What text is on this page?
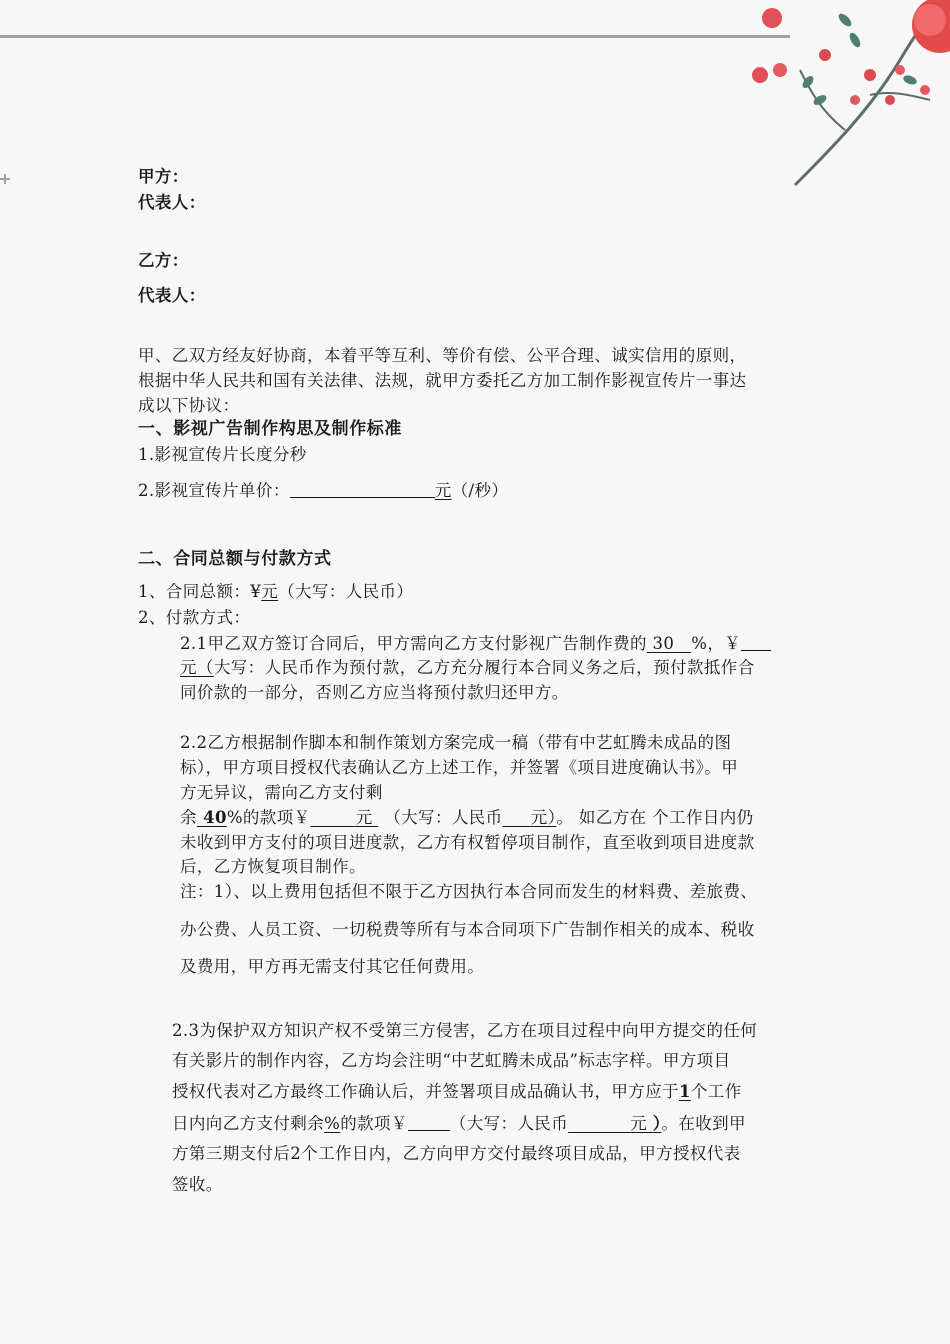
甲方：
代表人：
乙方：
代表人：
甲、乙双方经友好协商，本着平等互利、等价有偿、公平合理、诚实信用的原则，
根据中华人民共和国有关法律、法规，就甲方委托乙方加工制作影视宣传片一事达
成以下协议：
一、影视广告制作构思及制作标准
1.影视宣传片长度分秒
2.影视宣传片单价：	元（/秒）
二、合同总额与付款方式
1、合同总额：¥元（大写：人民币）
2、付款方式：
2.1甲乙双方签订合同后，甲方需向乙方支付影视广告制作费的 30 %，￥
元（大写：人民币作为预付款，乙方充分履行本合同义务之后，预付款抵作合
同价款的一部分，否则乙方应当将预付款归还甲方。
2.2乙方根据制作脚本和制作策划方案完成一稿（带有中艺虹腾未成品的图
标），甲方项目授权代表确认乙方上述工作，并签署《项目进度确认书》。甲
方无异议，需向乙方支付剩
余 40%的款项￥	元 （大写：人民币 元）。 如乙方在 个工作日内仍
未收到甲方支付的项目进度款，乙方有权暂停项目制作，直至收到项目进度款
后，乙方恢复项目制作。
注：1）、以上费用包括但不限于乙方因执行本合同而发生的材料费、差旅费、
办公费、人员工资、一切税费等所有与本合同项下广告制作相关的成本、税收
及费用，甲方再无需支付其它任何费用。
2.3为保护双方知识产权不受第三方侵害，乙方在项目过程中向甲方提交的任何
有关影片的制作内容，乙方均会注明“中艺虹腾未成品”标志字样。甲方项目
授权代表对乙方最终工作确认后，并签署项目成品确认书，甲方应于1个工作
日内向乙方支付剩余%的款项￥	（大写：人民币	元 ）。在收到甲
方第三期支付后2个工作日内，乙方向甲方交付最终项目成品，甲方授权代表
签收。
